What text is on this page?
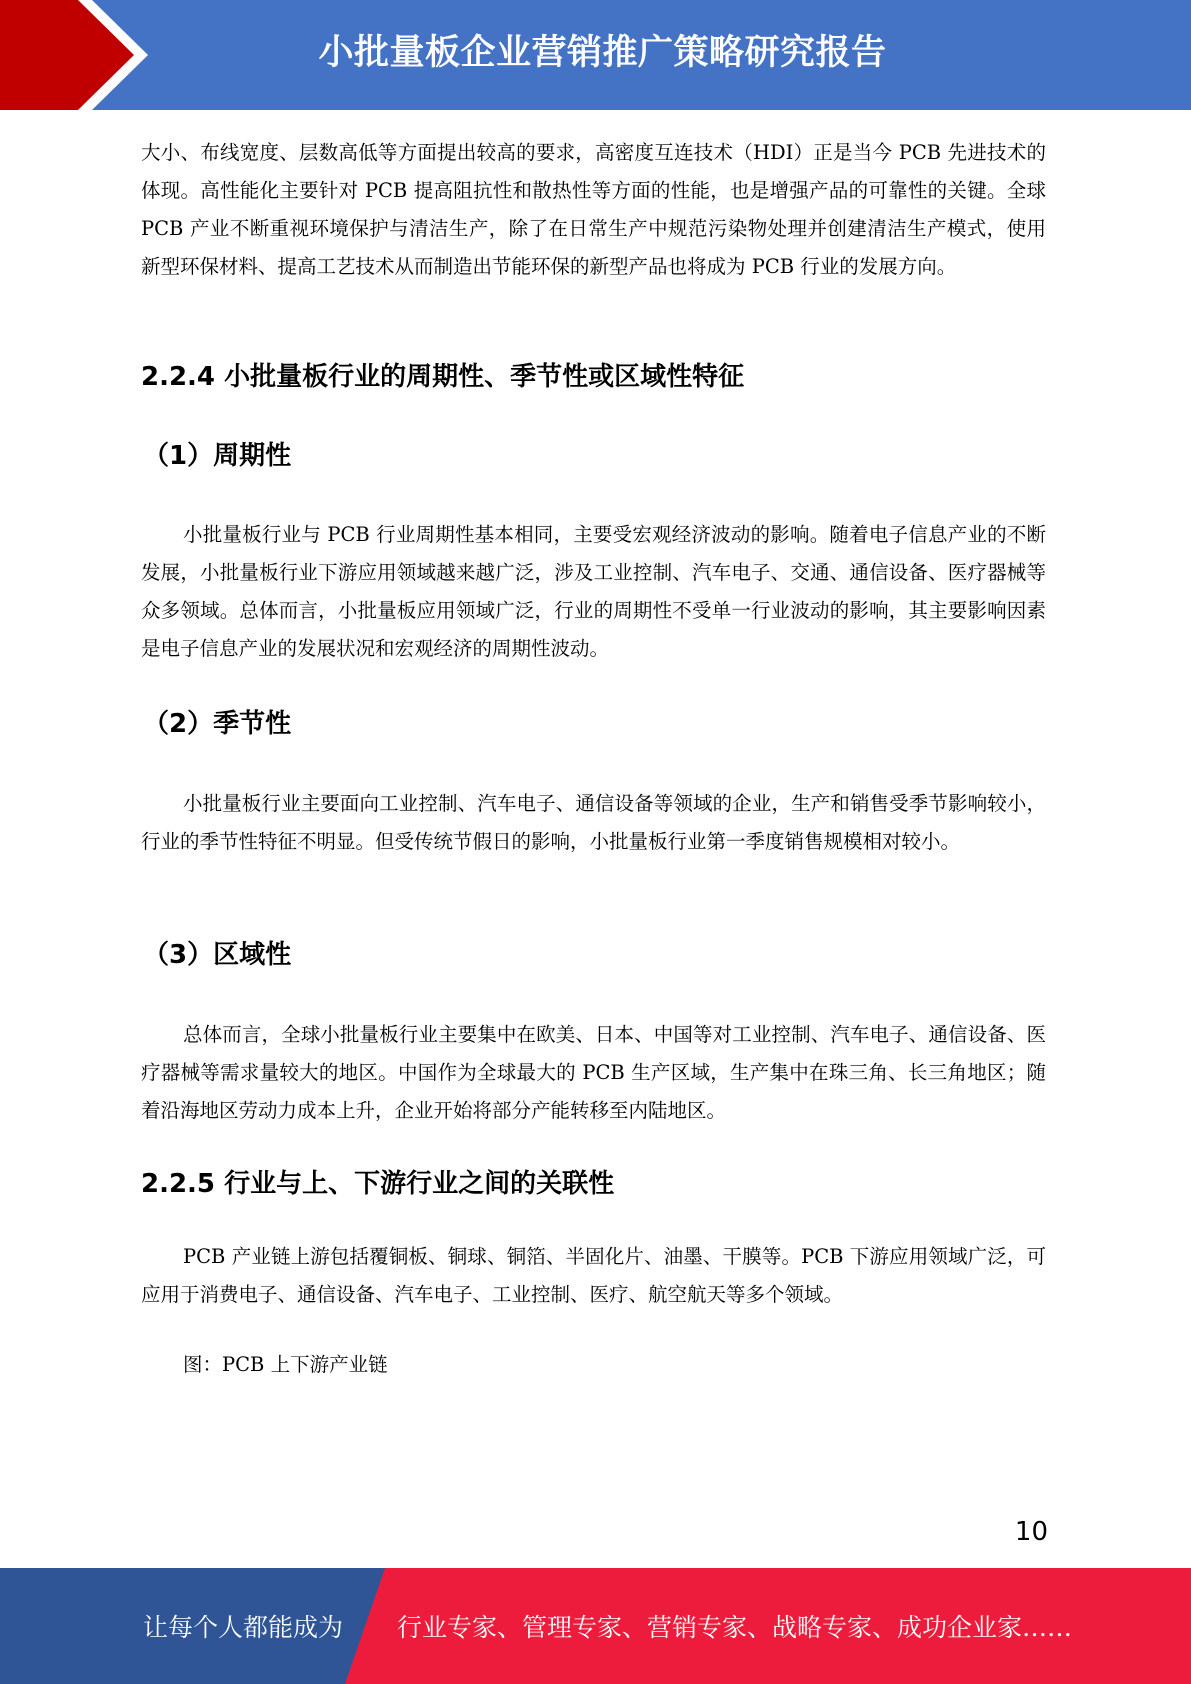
小批量板企业营销推广策略研究报告

大小、布线宽度、层数高低等方面提出较高的要求，高密度互连技术（HDI）正是当今 PCB 先进技术的体现。高性能化主要针对 PCB 提高阻抗性和散热性等方面的性能，也是增强产品的可靠性的关键。全球 PCB 产业不断重视环境保护与清洁生产，除了在日常生产中规范污染物处理并创建清洁生产模式，使用新型环保材料、提高工艺技术从而制造出节能环保的新型产品也将成为 PCB 行业的发展方向。

2.2.4 小批量板行业的周期性、季节性或区域性特征
（1）周期性

小批量板行业与 PCB 行业周期性基本相同，主要受宏观经济波动的影响。随着电子信息产业的不断发展，小批量板行业下游应用领域越来越广泛，涉及工业控制、汽车电子、交通、通信设备、医疗器械等众多领域。总体而言，小批量板应用领域广泛，行业的周期性不受单一行业波动的影响，其主要影响因素是电子信息产业的发展状况和宏观经济的周期性波动。

（2）季节性

小批量板行业主要面向工业控制、汽车电子、通信设备等领域的企业，生产和销售受季节影响较小，行业的季节性特征不明显。但受传统节假日的影响，小批量板行业第一季度销售规模相对较小。

（3）区域性

总体而言，全球小批量板行业主要集中在欧美、日本、中国等对工业控制、汽车电子、通信设备、医疗器械等需求量较大的地区。中国作为全球最大的 PCB 生产区域，生产集中在珠三角、长三角地区；随着沿海地区劳动力成本上升，企业开始将部分产能转移至内陆地区。

2.2.5 行业与上、下游行业之间的关联性

PCB 产业链上游包括覆铜板、铜球、铜箔、半固化片、油墨、干膜等。PCB 下游应用领域广泛，可应用于消费电子、通信设备、汽车电子、工业控制、医疗、航空航天等多个领域。

图：PCB 上下游产业链

10
让每个人都能成为 行业专家、管理专家、营销专家、战略专家、成功企业家……
